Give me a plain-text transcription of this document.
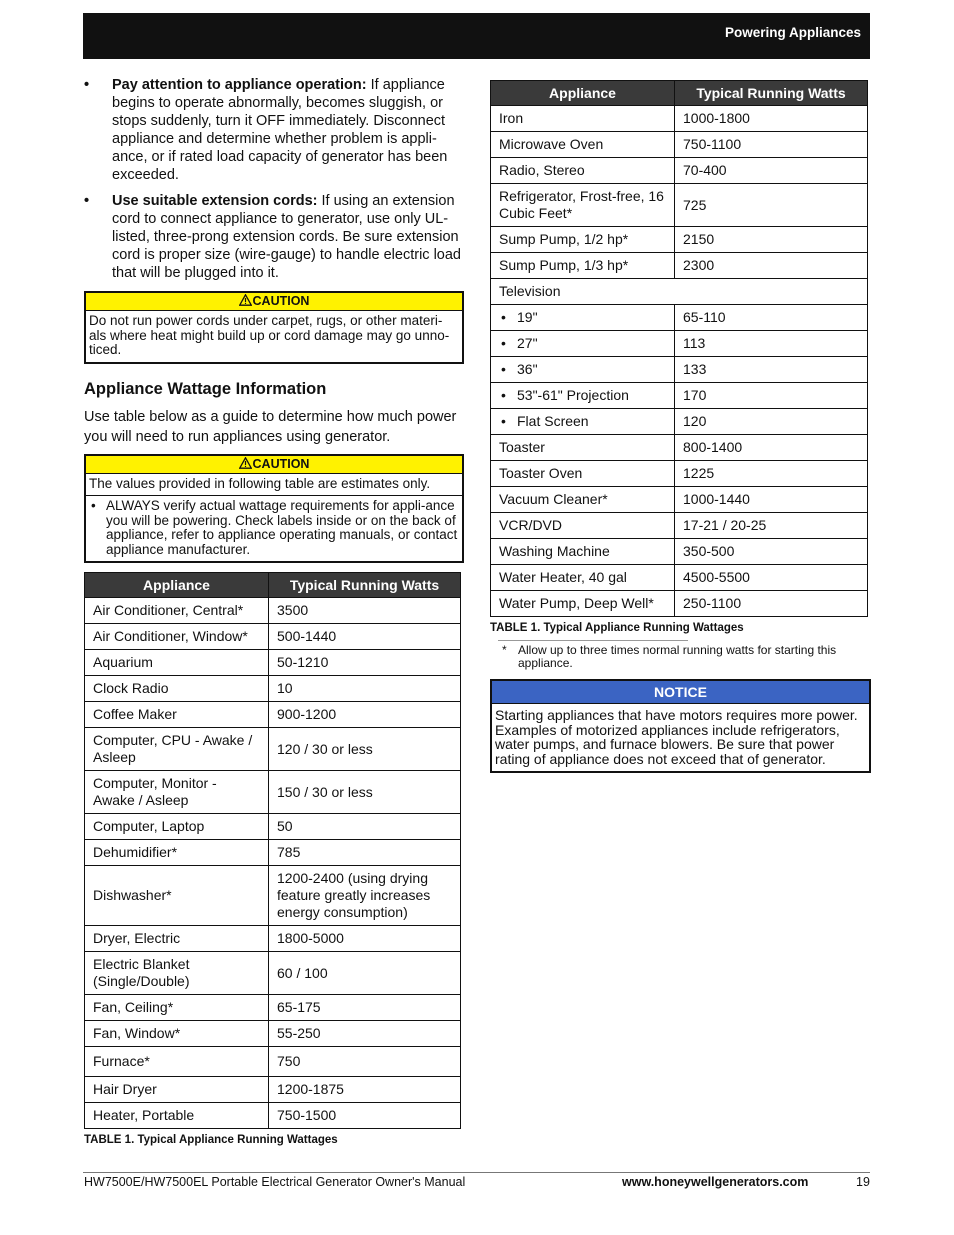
Powering Appliances
• Pay attention to appliance operation: If appliance begins to operate abnormally, becomes sluggish, or stops suddenly, turn it OFF immediately. Disconnect appliance and determine whether problem is appli-ance, or if rated load capacity of generator has been exceeded.
• Use suitable extension cords: If using an extension cord to connect appliance to generator, use only UL-listed, three-prong extension cords. Be sure extension cord is proper size (wire-gauge) to handle electric load that will be plugged into it.
CAUTION
Do not run power cords under carpet, rugs, or other materi-als where heat might build up or cord damage may go unno-ticed.
Appliance Wattage Information

Use table below as a guide to determine how much power you will need to run appliances using generator.

CAUTION
The values provided in following table are estimates only.
• ALWAYS verify actual wattage requirements for appli-ance you will be powering. Check labels inside or on the back of appliance, refer to appliance operating manuals, or contact appliance manufacturer.
Appliance	Typical Running Watts
Air Conditioner, Central*	3500
Air Conditioner, Window*	500-1440
Aquarium	50-1210
Clock Radio	10
Coffee Maker	900-1200
Computer, CPU - Awake / Asleep	120 / 30 or less
Computer, Monitor - Awake / Asleep	150 / 30 or less
Computer, Laptop	50
Dehumidifier*	785
Dishwasher*	1200-2400 (using drying feature greatly increases energy consumption)
Dryer, Electric	1800-5000
Electric Blanket (Single/Double)	60 / 100
Fan, Ceiling*	65-175
Fan, Window*	55-250
Furnace*	750
Hair Dryer	1200-1875
Heater, Portable	750-1500
TABLE 1. Typical Appliance Running Wattages
Appliance	Typical Running Watts
Iron	1000-1800
Microwave Oven	750-1100
Radio, Stereo	70-400
Refrigerator, Frost-free, 16 Cubic Feet*	725
Sump Pump, 1/2 hp*	2150
Sump Pump, 1/3 hp*	2300
Television	
• 19"	65-110
• 27"	113
• 36"	133
• 53"-61" Projection	170
• Flat Screen	120
Toaster	800-1400
Toaster Oven	1225
Vacuum Cleaner*	1000-1440
VCR/DVD	17-21 / 20-25
Washing Machine	350-500
Water Heater, 40 gal	4500-5500
Water Pump, Deep Well*	250-1100
TABLE 1. Typical Appliance Running Wattages
* Allow up to three times normal running watts for starting this appliance.
NOTICE
Starting appliances that have motors requires more power. Examples of motorized appliances include refrigerators, water pumps, and furnace blowers. Be sure that power rating of appliance does not exceed that of generator.
HW7500E/HW7500EL Portable Electrical Generator Owner's Manual	www.honeywellgenerators.com	19
